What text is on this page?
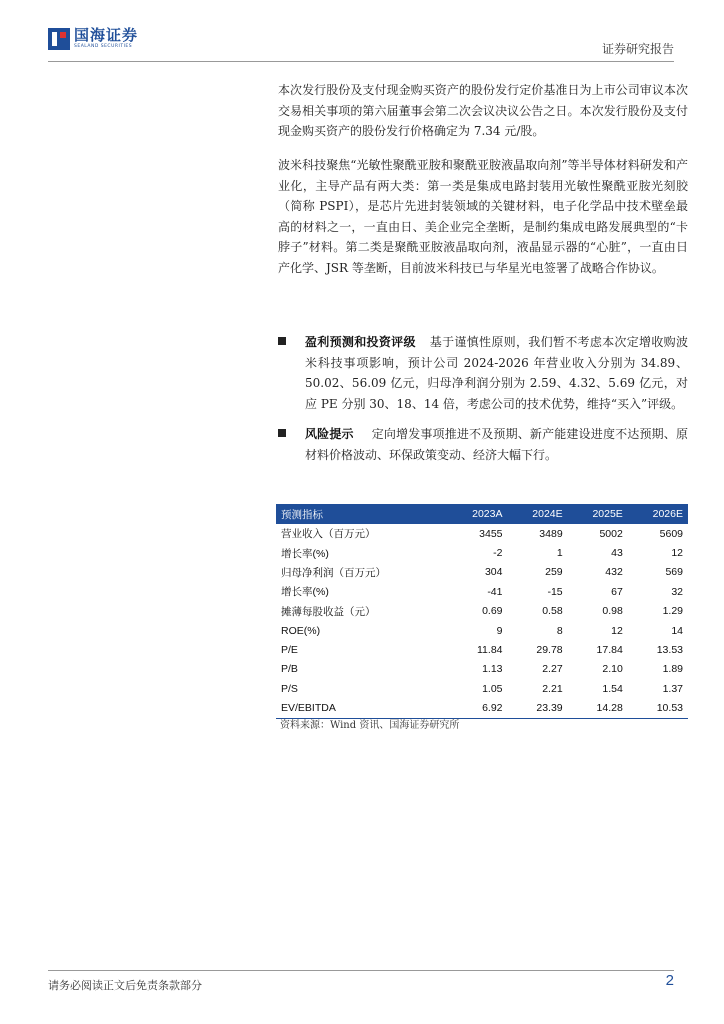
国海证券
SEALAND SECURITIES	证券研究报告
本次发行股份及支付现金购买资产的股份发行定价基准日为上市公司审议本次交易相关事项的第六届董事会第二次会议决议公告之日。本次发行股份及支付现金购买资产的股份发行价格确定为 7.34 元/股。
波米科技聚焦“光敏性聚酰亚胺和聚酰亚胺液晶取向剂”等半导体材料研发和产业化，主导产品有两大类：第一类是集成电路封装用光敏性聚酰亚胺光刻胶（简称 PSPI），是芯片先进封装领域的关键材料，电子化学品中技术壁垒最高的材料之一，一直由日、美企业完全垄断，是制约集成电路发展典型的“卡脖子”材料。第二类是聚酰亚胺液晶取向剂，液晶显示器的“心脏”，一直由日产化学、JSR 等垄断，目前波米科技已与华星光电签署了战略合作协议。
盈利预测和投资评级 基于谨慎性原则，我们暂不考虑本次定增收购波米科技事项影响，预计公司 2024-2026 年营业收入分别为 34.89、50.02、56.09 亿元，归母净利润分别为 2.59、4.32、5.69 亿元，对应 PE 分别 30、18、14 倍，考虑公司的技术优势，维持“买入”评级。
风险提示 定向增发事项推进不及预期、新产能建设进度不达预期、原材料价格波动、环保政策变动、经济大幅下行。
预测指标	2023A	2024E	2025E	2026E
营业收入（百万元）	3455	3489	5002	5609
增长率(%)	-2	1	43	12
归母净利润（百万元）	304	259	432	569
增长率(%)	-41	-15	67	32
摊薄每股收益（元）	0.69	0.58	0.98	1.29
ROE(%)	9	8	12	14
P/E	11.84	29.78	17.84	13.53
P/B	1.13	2.27	2.10	1.89
P/S	1.05	2.21	1.54	1.37
EV/EBITDA	6.92	23.39	14.28	10.53
资料来源：Wind 资讯、国海证券研究所
请务必阅读正文后免责条款部分	2
